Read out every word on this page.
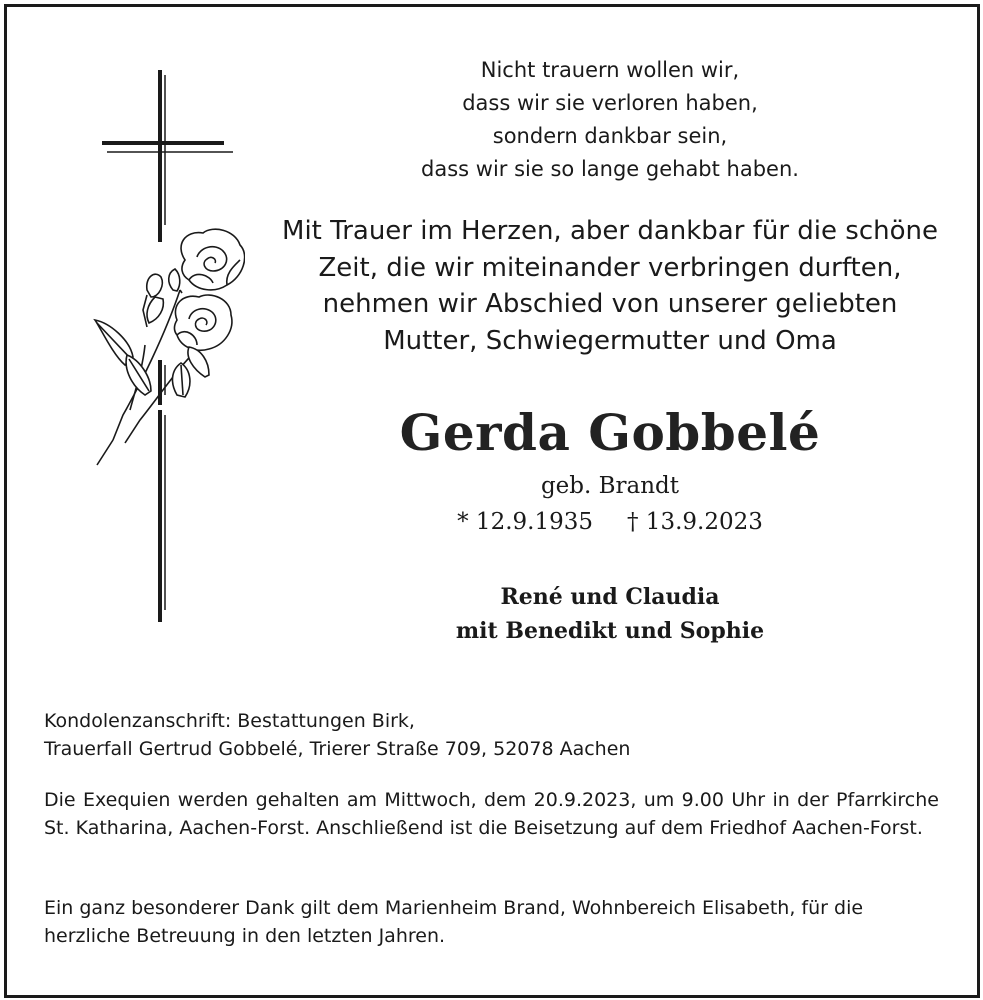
Nicht trauern wollen wir,
dass wir sie verloren haben,
sondern dankbar sein,
dass wir sie so lange gehabt haben.
Mit Trauer im Herzen, aber dankbar für die schöne
Zeit, die wir miteinander verbringen durften,
nehmen wir Abschied von unserer geliebten
Mutter, Schwiegermutter und Oma
Gerda Gobbelé
geb. Brandt
* 12.9.1935 † 13.9.2023
René und Claudia
mit Benedikt und Sophie
Kondolenzanschrift: Bestattungen Birk,
Trauerfall Gertrud Gobbelé, Trierer Straße 709, 52078 Aachen

Die Exequien werden gehalten am Mittwoch, dem 20.9.2023, um 9.00 Uhr in der Pfarrkirche St. Katharina, Aachen-Forst. Anschließend ist die Beisetzung auf dem Friedhof Aachen-Forst.

Ein ganz besonderer Dank gilt dem Marienheim Brand, Wohnbereich Elisabeth, für die herzliche Betreuung in den letzten Jahren.
